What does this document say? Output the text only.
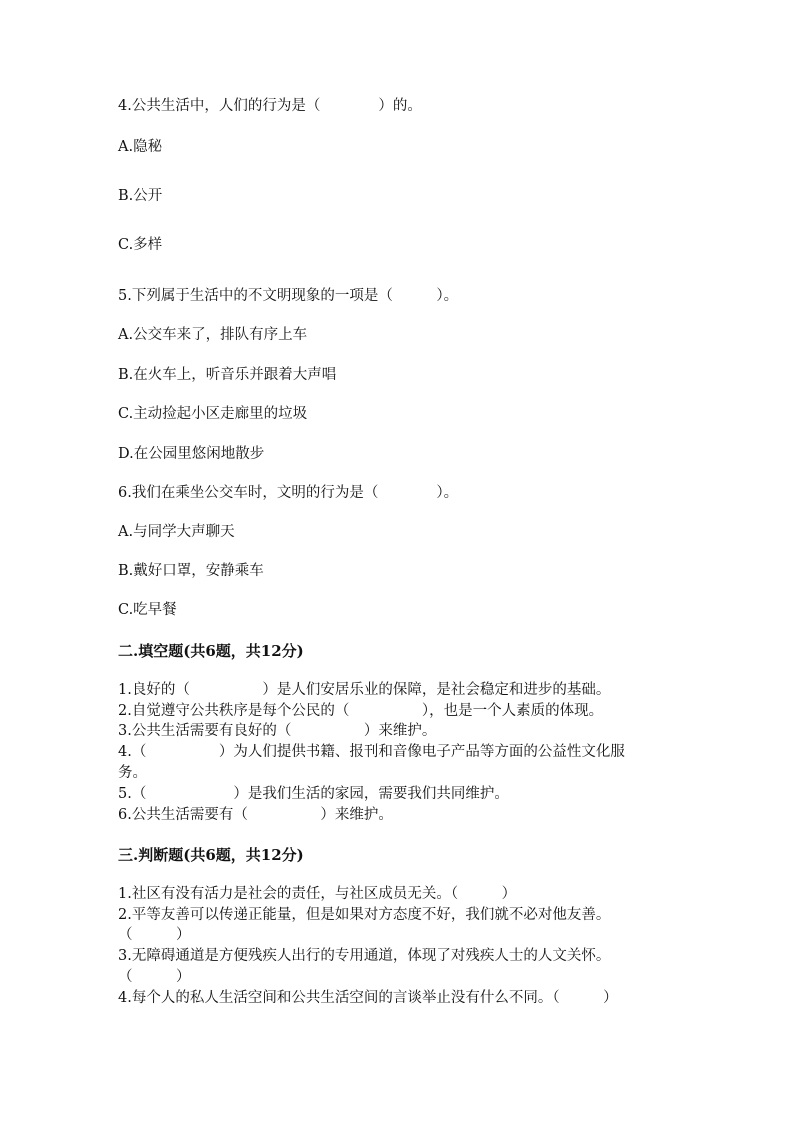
4.公共生活中，人们的行为是（　　　　）的。
A.隐秘
B.公开
C.多样
5.下列属于生活中的不文明现象的一项是（　　　）。
A.公交车来了，排队有序上车
B.在火车上，听音乐并跟着大声唱
C.主动捡起小区走廊里的垃圾
D.在公园里悠闲地散步
6.我们在乘坐公交车时，文明的行为是（　　　　）。
A.与同学大声聊天
B.戴好口罩，安静乘车
C.吃早餐
二.填空题(共6题，共12分)
1.良好的（　　　　　）是人们安居乐业的保障，是社会稳定和进步的基础。
2.自觉遵守公共秩序是每个公民的（　　　　　），也是一个人素质的体现。
3.公共生活需要有良好的（　　　　　）来维护。
4.（　　　　　）为人们提供书籍、报刊和音像电子产品等方面的公益性文化服
务。
5.（　　　　　　）是我们生活的家园，需要我们共同维护。
6.公共生活需要有（　　　　　）来维护。
三.判断题(共6题，共12分)
1.社区有没有活力是社会的责任，与社区成员无关。（　　　）
2.平等友善可以传递正能量，但是如果对方态度不好，我们就不必对他友善。
（　　　）
3.无障碍通道是方便残疾人出行的专用通道，体现了对残疾人士的人文关怀。
（　　　）
4.每个人的私人生活空间和公共生活空间的言谈举止没有什么不同。（　　　）
